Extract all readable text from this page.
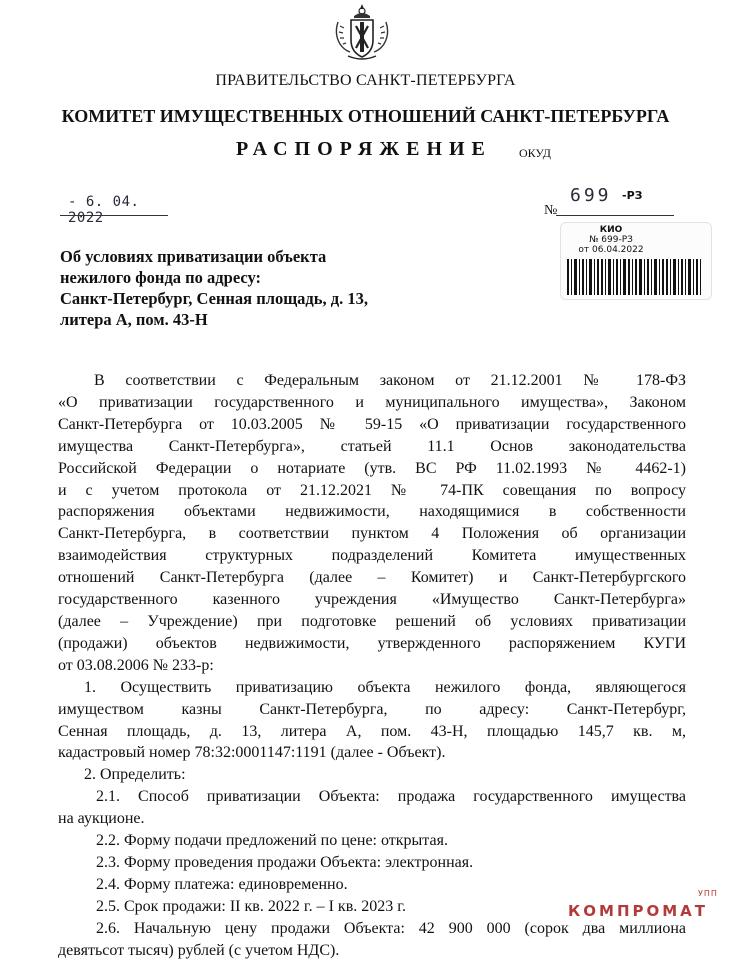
ПРАВИТЕЛЬСТВО САНКТ-ПЕТЕРБУРГА
КОМИТЕТ ИМУЩЕСТВЕННЫХ ОТНОШЕНИЙ САНКТ-ПЕТЕРБУРГА
РАСПОРЯЖЕНИЕ ОКУД
- 6. 04. 2022	№
699 -РЗ
КИО
№ 699-РЗ
от 06.04.2022
Об условиях приватизации объекта
нежилого фонда по адресу:
Санкт-Петербург, Сенная площадь, д. 13,
литера А, пом. 43-Н
В соответствии с Федеральным законом от 21.12.2001 № 178-ФЗ
«О приватизации государственного и муниципального имущества», Законом
Санкт-Петербурга от 10.03.2005 № 59-15 «О приватизации государственного
имущества Санкт-Петербурга», статьей 11.1 Основ законодательства
Российской Федерации о нотариате (утв. ВС РФ 11.02.1993 № 4462-1)
и с учетом протокола от 21.12.2021 № 74-ПК совещания по вопросу
распоряжения объектами недвижимости, находящимися в собственности
Санкт-Петербурга, в соответствии пунктом 4 Положения об организации
взаимодействия структурных подразделений Комитета имущественных
отношений Санкт-Петербурга (далее – Комитет) и Санкт-Петербургского
государственного казенного учреждения «Имущество Санкт-Петербурга»
(далее – Учреждение) при подготовке решений об условиях приватизации
(продажи) объектов недвижимости, утвержденного распоряжением КУГИ
от 03.08.2006 № 233-р:
1. Осуществить приватизацию объекта нежилого фонда, являющегося
имуществом казны Санкт-Петербурга, по адресу: Санкт-Петербург,
Сенная площадь, д. 13, литера А, пом. 43-Н, площадью 145,7 кв. м,
кадастровый номер 78:32:0001147:1191 (далее - Объект).
2. Определить:
2.1. Способ приватизации Объекта: продажа государственного имущества
на аукционе.
2.2. Форму подачи предложений по цене: открытая.
2.3. Форму проведения продажи Объекта: электронная.
2.4. Форму платежа: единовременно.
2.5. Срок продажи: II кв. 2022 г. – I кв. 2023 г.
2.6. Начальную цену продажи Объекта: 42 900 000 (сорок два миллиона
девятьсот тысяч) рублей (с учетом НДС).
УПП
КОМПРОМАТ
